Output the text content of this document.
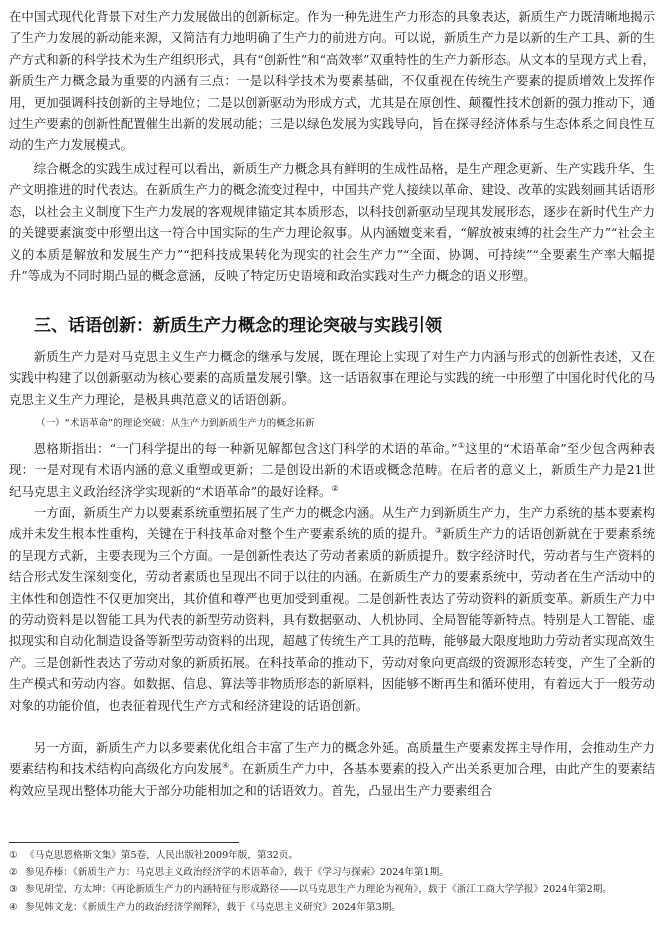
在中国式现代化背景下对生产力发展做出的创新标定。作为一种先进生产力形态的具象表达，新质生产力既清晰地揭示了生产力发展的新动能来源，又简洁有力地明确了生产力的前进方向。可以说，新质生产力是以新的生产工具、新的生产方式和新的科学技术为生产组织形式，具有“创新性”和“高效率”双重特性的生产力新形态。从文本的呈现方式上看，新质生产力概念最为重要的内涵有三点：一是以科学技术为要素基础，不仅重视在传统生产要素的提质增效上发挥作用，更加强调科技创新的主导地位；二是以创新驱动为形成方式，尤其是在原创性、颠覆性技术创新的强力推动下，通过生产要素的创新性配置催生出新的发展动能；三是以绿色发展为实践导向，旨在探寻经济体系与生态体系之间良性互动的生产力发展模式。

综合概念的实践生成过程可以看出，新质生产力概念具有鲜明的生成性品格，是生产理念更新、生产实践升华、生产文明推进的时代表达。在新质生产力的概念流变过程中，中国共产党人接续以革命、建设、改革的实践刻画其话语形态，以社会主义制度下生产力发展的客观规律锚定其本质形态，以科技创新驱动呈现其发展形态，逐步在新时代生产力的关键要素演变中形塑出这一符合中国实际的生产力理论叙事。从内涵嬗变来看，“解放被束缚的社会生产力”“社会主义的本质是解放和发展生产力”“把科技成果转化为现实的社会生产力”“全面、协调、可持续”“全要素生产率大幅提升”等成为不同时期凸显的概念意涵，反映了特定历史语境和政治实践对生产力概念的语义形塑。

三、话语创新：新质生产力概念的理论突破与实践引领

新质生产力是对马克思主义生产力概念的继承与发展，既在理论上实现了对生产力内涵与形式的创新性表述，又在实践中构建了以创新驱动为核心要素的高质量发展引擎。这一话语叙事在理论与实践的统一中形塑了中国化时代化的马克思主义生产力理论，是极具典范意义的话语创新。

（一）“术语革命”的理论突破：从生产力到新质生产力的概念拓新

恩格斯指出：“一门科学提出的每一种新见解都包含这门科学的术语的革命。”①这里的“术语革命”至少包含两种表现：一是对现有术语内涵的意义重塑或更新；二是创设出新的术语或概念范畴。在后者的意义上，新质生产力是21世纪马克思主义政治经济学实现新的“术语革命”的最好诠释。②

一方面，新质生产力以要素系统重塑拓展了生产力的概念内涵。从生产力到新质生产力，生产力系统的基本要素构成并未发生根本性重构，关键在于科技革命对整个生产要素系统的质的提升。③新质生产力的话语创新就在于要素系统的呈现方式新，主要表现为三个方面。一是创新性表达了劳动者素质的新质提升。数字经济时代，劳动者与生产资料的结合形式发生深刻变化，劳动者素质也呈现出不同于以往的内涵。在新质生产力的要素系统中，劳动者在生产活动中的主体性和创造性不仅更加突出，其价值和尊严也更加受到重视。二是创新性表达了劳动资料的新质变革。新质生产力中的劳动资料是以智能工具为代表的新型劳动资料，具有数据驱动、人机协同、全局智能等新特点。特别是人工智能、虚拟现实和自动化制造设备等新型劳动资料的出现，超越了传统生产工具的范畴，能够最大限度地助力劳动者实现高效生产。三是创新性表达了劳动对象的新质拓展。在科技革命的推动下，劳动对象向更高级的资源形态转变，产生了全新的生产模式和劳动内容。如数据、信息、算法等非物质形态的新原料，因能够不断再生和循环使用，有着远大于一般劳动对象的功能价值，也表征着现代生产方式和经济建设的话语创新。

另一方面，新质生产力以多要素优化组合丰富了生产力的概念外延。高质量生产要素发挥主导作用，会推动生产力要素结构和技术结构向高级化方向发展④。在新质生产力中，各基本要素的投入产出关系更加合理，由此产生的要素结构效应呈现出整体功能大于部分功能相加之和的话语效力。首先，凸显出生产力要素组合

① 《马克思恩格斯文集》第5卷，人民出版社2009年版，第32页。
② 参见乔榛：《新质生产力：马克思主义政治经济学的术语革命》，载于《学习与探索》2024年第1期。
③ 参见胡莹、方太坤：《再论新质生产力的内涵特征与形成路径——以马克思生产力理论为视角》，载于《浙江工商大学学报》2024年第2期。
④ 参见韩文龙：《新质生产力的政治经济学阐释》，载于《马克思主义研究》2024年第3期。
